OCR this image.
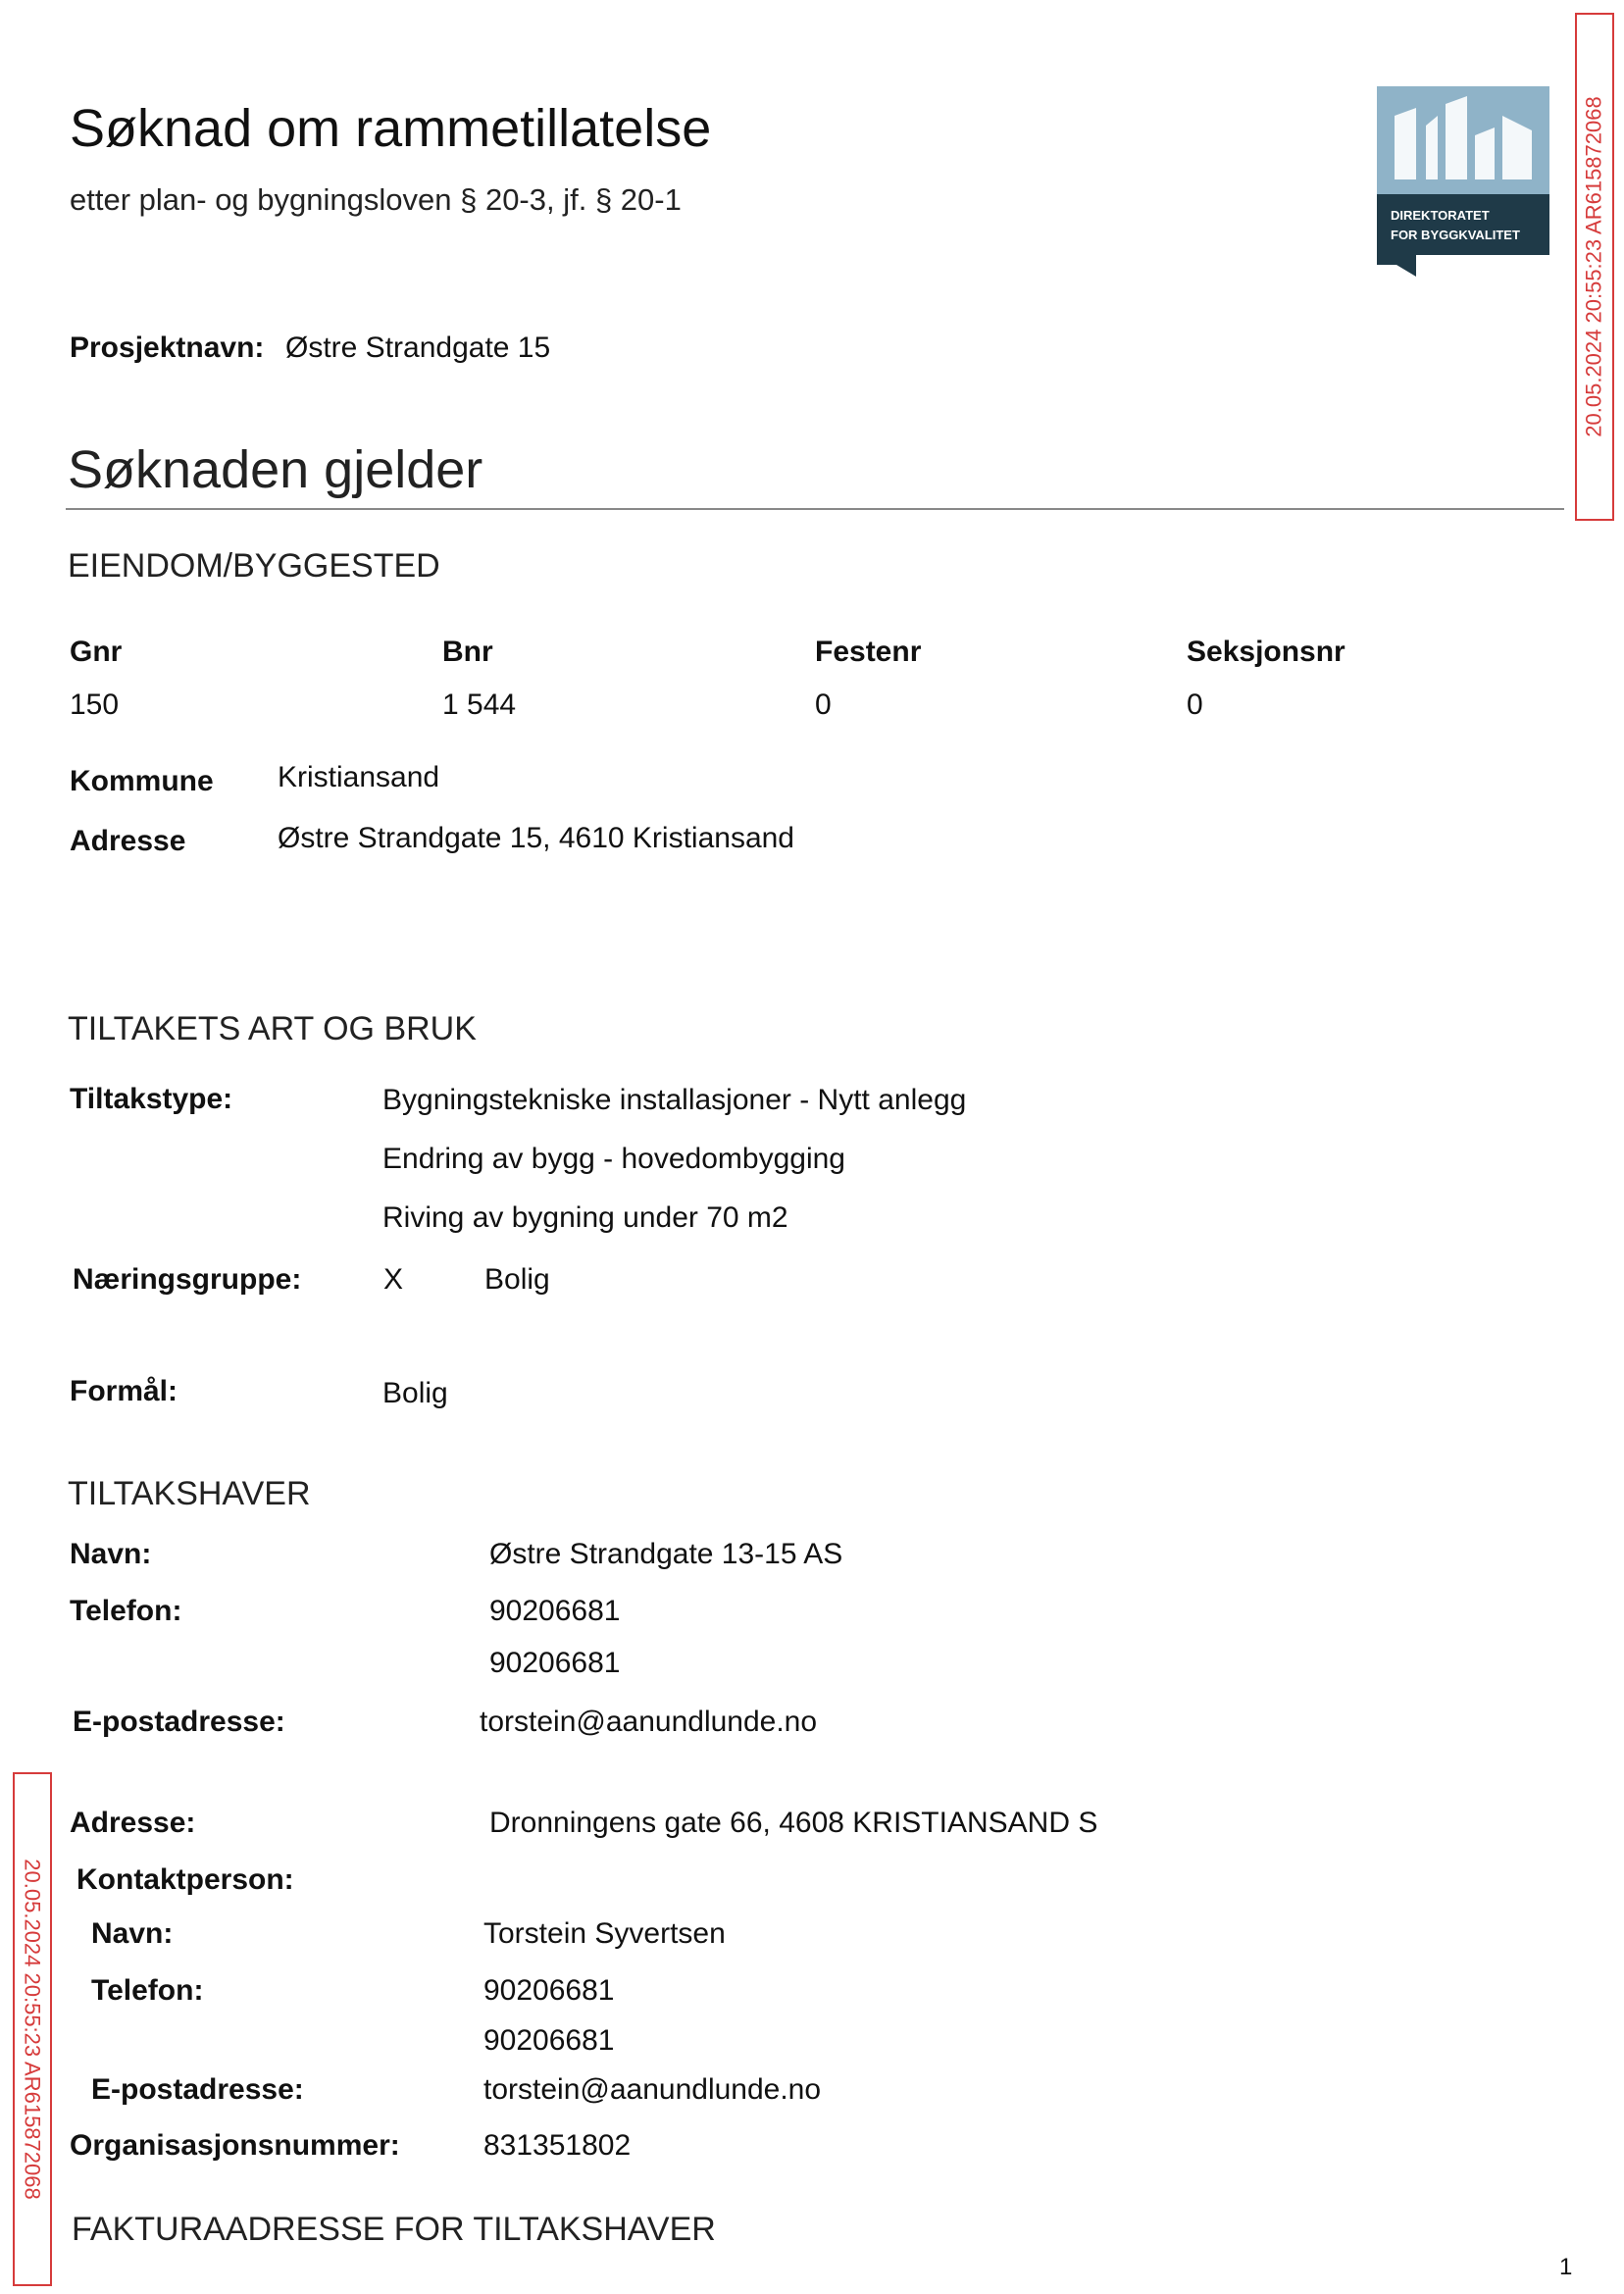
Søknad om rammetillatelse
etter plan- og bygningsloven § 20-3, jf. § 20-1	DIREKTORATET
FOR BYGGKVALITET	20.05.2024 20:55:23 AR615872068
Prosjektnavn: Østre Strandgate 15
Søknaden gjelder
EIENDOM/BYGGESTED
Gnr	Bnr	Festenr	Seksjonsnr
150	1 544	0	0
Kommune Kristiansand
Adresse	Østre Strandgate 15, 4610 Kristiansand
TILTAKETS ART OG BRUK
Tiltakstype:	Bygningstekniske installasjoner - Nytt anlegg
Endring av bygg - hovedombygging
Riving av bygning under 70 m2
Næringsgruppe:	X	Bolig
Formål:	Bolig
TILTAKSHAVER
Navn:	Østre Strandgate 13-15 AS
Telefon:	90206681
90206681
E-postadresse:	torstein@aanundlunde.no
20.05.2024 20:55:23 AR615872068
Adresse:	Dronningens gate 66, 4608 KRISTIANSAND S
Kontaktperson:
Navn:	Torstein Syvertsen
Telefon:	90206681
90206681
E-postadresse:	torstein@aanundlunde.no
Organisasjonsnummer:	831351802
FAKTURAADRESSE FOR TILTAKSHAVER
1
